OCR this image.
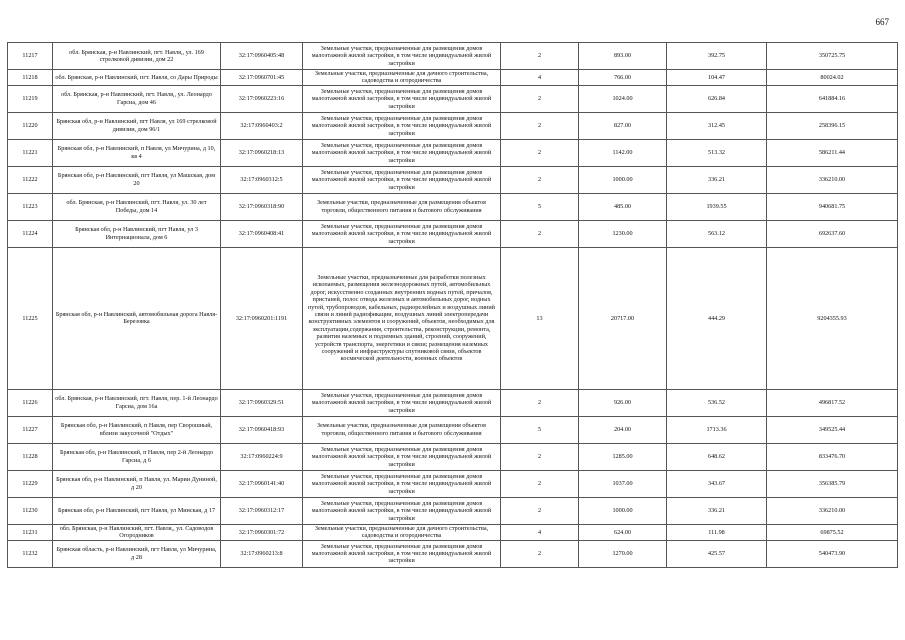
667
11217	обл. Брянская, р-н Навлинский, пгт. Навля,, ул. 169 стрелковой дивизии, дом 22	32:17:0960405:48	Земельные участки, предназначенные для размещения домов малоэтажной жилой застройки, в том числе индивидуальной жилой застройки	2	893.00	392.75	350725.75
11218	обл. Брянская, р-н Навлинский, пгт. Навля, со Дары Природы	32:17:0960701:45	Земельные участки, предназначенные для дачного строительства, садоводства и огородничества	4	766.00	104.47	80024.02
11219	обл. Брянская, р-н Навлинский, пгт. Навля,, ул. Леонардо Гарсиа, дом 46	32:17:0960223:16	Земельные участки, предназначенные для размещения домов малоэтажной жилой застройки, в том числе индивидуальной жилой застройки	2	1024.00	626.84	641884.16
11220	Брянская обл, р-н Навлинский, пгт Навля, ул 169 стрелковой дивизии, дом 96/1	32:17:0960403:2	Земельные участки, предназначенные для размещения домов малоэтажной жилой застройки, в том числе индивидуальной жилой застройки	2	827.00	312.45	258396.15
11221	Брянская обл, р-н Навлинский, п Навля, ул Мичурина, д 10, кв 4	32:17:0960218:13	Земельные участки, предназначенные для размещения домов малоэтажной жилой застройки, в том числе индивидуальной жилой застройки	2	1142.00	513.32	586211.44
11222	Брянская обл, р-н Навлинский, пгт Навля, ул Машская, дом 20	32:17:0960312:5	Земельные участки, предназначенные для размещения домов малоэтажной жилой застройки, в том числе индивидуальной жилой застройки	2	1000.00	336.21	336210.00
11223	обл. Брянская, р-н Навлинский, пгт. Навля, ул. 30 лет Победы, дом 14	32:17:0960318:90	Земельные участки, предназначенные для размещения объектов торговли, общественного питания и бытового обслуживания	5	485.00	1939.55	940681.75
11224	Брянская обл, р-н Навлинский, пгт Навля, ул 3 Интернационала, дом 6	32:17:0960408:41	Земельные участки, предназначенные для размещения домов малоэтажной жилой застройки, в том числе индивидуальной жилой застройки	2	1230.00	563.12	692637.60
11225	Брянская обл, р-н Навлинский, автомобильная дорога Навля-Березовка	32:17:0960201:1191	Земельные участки, предназначенные для разработки полезных ископаемых, размещения железнодорожных путей, автомобильных дорог, искусственно созданных внутренних водных путей, причалов, пристаней, полос отвода железных и автомобильных дорог, водных путей, трубопроводов, кабельных, радиорелейных и воздушных линий связи и линий радиофикации, воздушных линий электропередачи конструктивных элементов и сооружений, объектов, необходимых для эксплуатации,содержания, строительства, реконструкции, ремонта, развития наземных и подземных зданий, строений, сооружений, устройств транспорта, энергетики и связи; размещения наземных сооружений и инфраструктуры спутниковой связи, объектов космической деятельности, военных объектов	13	20717.00	444.29	9204355.93
11226	обл. Брянская, р-н Навлинский, пгт. Навля, пер. 1-й Леонардо Гарсиа, дом 16а	32:17:0960329:51	Земельные участки, предназначенные для размещения домов малоэтажной жилой застройки, в том числе индивидуальной жилой застройки	2	926.00	536.52	496817.52
11227	Брянская обл, р-н Навлинский, п Навля, пер Сворошный, вблизи закусочной "Отдых"	32:17:0960418:93	Земельные участки, предназначенные для размещения объектов торговли, общественного питания и бытового обслуживания	5	204.00	1713.36	349525.44
11228	Брянская обл, р-н Навлинский, п Навля, пер 2-й Леонардо Гарсиа, д 6	32:17:0960224:9	Земельные участки, предназначенные для размещения домов малоэтажной жилой застройки, в том числе индивидуальной жилой застройки	2	1285.00	648.62	833476.70
11229	Брянская обл, р-н Навлинский, п Навля, ул. Марии Дуниной, д 20	32:17:0960141:40	Земельные участки, предназначенные для размещения домов малоэтажной жилой застройки, в том числе индивидуальной жилой застройки	2	1037.00	343.67	356385.79
11230	Брянская обл, р-н Навлинский, пгт Навля, ул Минская, д 17	32:17:0960312:17	Земельные участки, предназначенные для размещения домов малоэтажной жилой застройки, в том числе индивидуальной жилой застройки	2	1000.00	336.21	336210.00
11231	обл. Брянская, р-н Навлинский, пгт. Навля,, ул. Садоводов Огородников	32:17:0960301:72	Земельные участки, предназначенные для дачного строительства, садоводства и огородничества	4	624.00	111.98	69875.52
11232	Брянская область, р-н Навлинский, пгт Навля, ул Мичурина, д 28	32:17:0960213:8	Земельные участки, предназначенные для размещения домов малоэтажной жилой застройки, в том числе индивидуальной жилой застройки	2	1270.00	425.57	540473.90
